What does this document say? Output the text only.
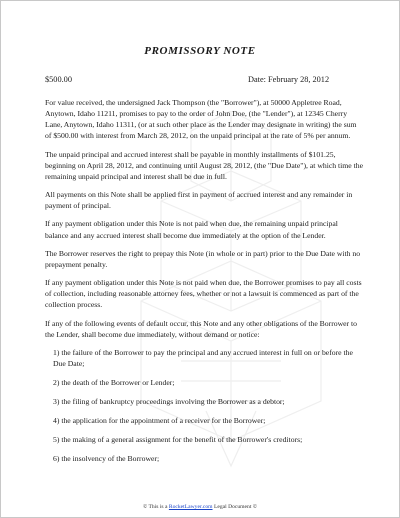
PROMISSORY NOTE
$500.00	Date: February 28, 2012

For value received, the undersigned Jack Thompson (the "Borrower"), at 50000 Appletree Road, Anytown, Idaho 11211, promises to pay to the order of John Doe, (the "Lender"), at 12345 Cherry Lane, Anytown, Idaho 11311, (or at such other place as the Lender may designate in writing) the sum of $500.00 with interest from March 28, 2012, on the unpaid principal at the rate of 5% per annum.

The unpaid principal and accrued interest shall be payable in monthly installments of $101.25, beginning on April 28, 2012, and continuing until August 28, 2012, (the "Due Date"), at which time the remaining unpaid principal and interest shall be due in full.

All payments on this Note shall be applied first in payment of accrued interest and any remainder in payment of principal.

If any payment obligation under this Note is not paid when due, the remaining unpaid principal balance and any accrued interest shall become due immediately at the option of the Lender.

The Borrower reserves the right to prepay this Note (in whole or in part) prior to the Due Date with no prepayment penalty.

If any payment obligation under this Note is not paid when due, the Borrower promises to pay all costs of collection, including reasonable attorney fees, whether or not a lawsuit is commenced as part of the collection process.

If any of the following events of default occur, this Note and any other obligations of the Borrower to the Lender, shall become due immediately, without demand or notice:

1) the failure of the Borrower to pay the principal and any accrued interest in full on or before the Due Date;

2) the death of the Borrower or Lender;

3) the filing of bankruptcy proceedings involving the Borrower as a debtor;

4) the application for the appointment of a receiver for the Borrower;

5) the making of a general assignment for the benefit of the Borrower's creditors;

6) the insolvency of the Borrower;

© This is a RocketLawyer.com Legal Document ©
